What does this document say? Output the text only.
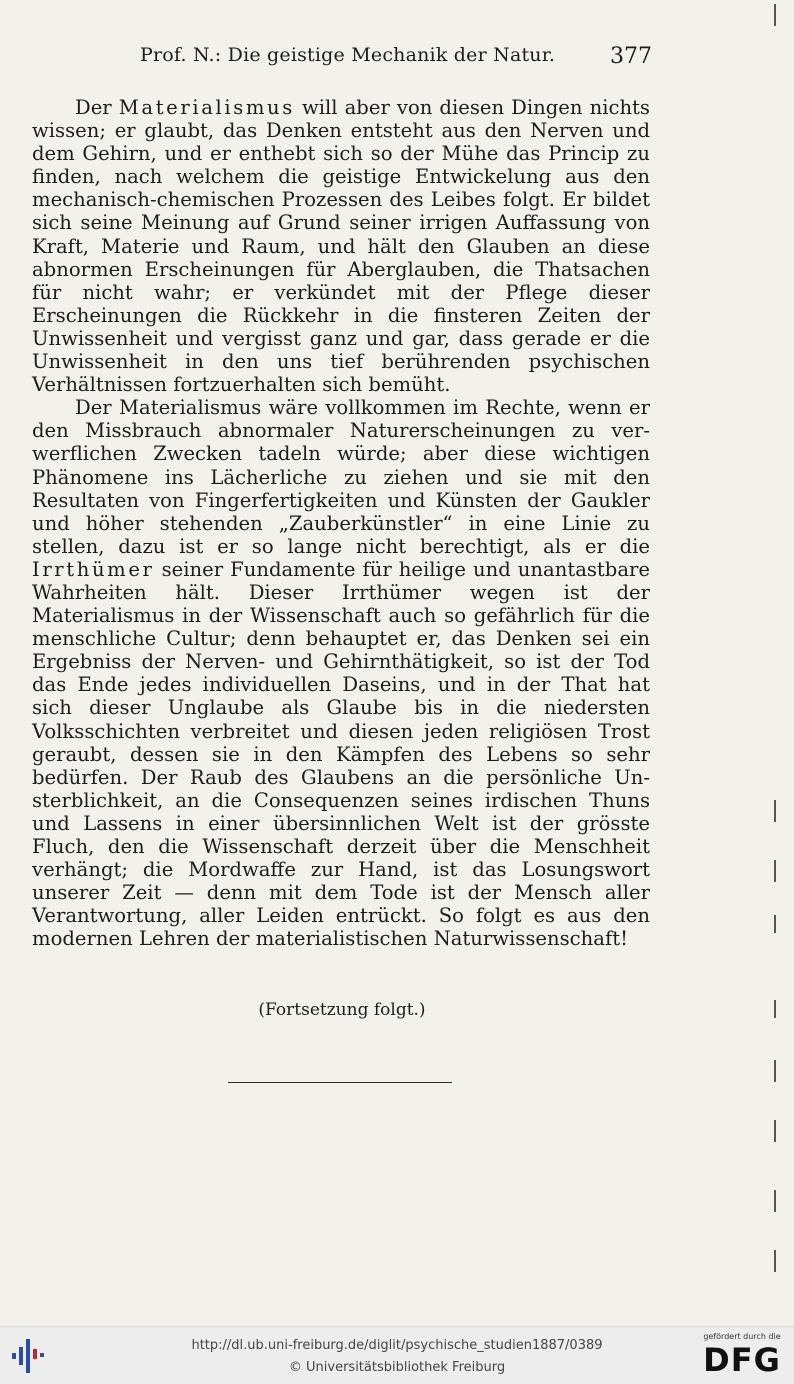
Prof. N.: Die geistige Mechanik der Natur. 377

Der Materialismus will aber von diesen Dingen nichts wissen; er glaubt, das Denken entsteht aus den Nerven und dem Gehirn, und er enthebt sich so der Mühe das Princip zu finden, nach welchem die geistige Entwickelung aus den mechanisch-chemischen Prozessen des Leibes folgt. Er bildet sich seine Meinung auf Grund seiner irrigen Auffassung von Kraft, Materie und Raum, und hält den Glauben an diese abnormen Erscheinungen für Aberglauben, die Thatsachen für nicht wahr; er verkündet mit der Pflege dieser Erscheinungen die Rückkehr in die finsteren Zeiten der Unwissenheit und vergisst ganz und gar, dass gerade er die Unwissenheit in den uns tief berührenden psychischen Verhältnissen fortzuerhalten sich bemüht.

Der Materialismus wäre vollkommen im Rechte, wenn er den Missbrauch abnormaler Naturerscheinungen zu verwerflichen Zwecken tadeln würde; aber diese wichtigen Phänomene ins Lächerliche zu ziehen und sie mit den Resultaten von Fingerfertigkeiten und Künsten der Gaukler und höher stehenden „Zauberkünstler“ in eine Linie zu stellen, dazu ist er so lange nicht berechtigt, als er die Irrthümer seiner Fundamente für heilige und unantastbare Wahrheiten hält. Dieser Irrthümer wegen ist der Materialismus in der Wissenschaft auch so gefährlich für die menschliche Cultur; denn behauptet er, das Denken sei ein Ergebniss der Nerven- und Gehirnthätigkeit, so ist der Tod das Ende jedes individuellen Daseins, und in der That hat sich dieser Unglaube als Glaube bis in die niedersten Volksschichten verbreitet und diesen jeden religiösen Trost geraubt, dessen sie in den Kämpfen des Lebens so sehr bedürfen. Der Raub des Glaubens an die persönliche Unsterblichkeit, an die Consequenzen seines irdischen Thuns und Lassens in einer übersinnlichen Welt ist der grösste Fluch, den die Wissenschaft derzeit über die Menschheit verhängt; die Mordwaffe zur Hand, ist das Losungswort unserer Zeit — denn mit dem Tode ist der Mensch aller Verantwortung, aller Leiden entrückt. So folgt es aus den modernen Lehren der materialistischen Naturwissenschaft!

(Fortsetzung folgt.)
http://dl.ub.uni-freiburg.de/diglit/psychische_studien1887/0389
© Universitätsbibliothek Freiburg
gefördert durch die
DFG
